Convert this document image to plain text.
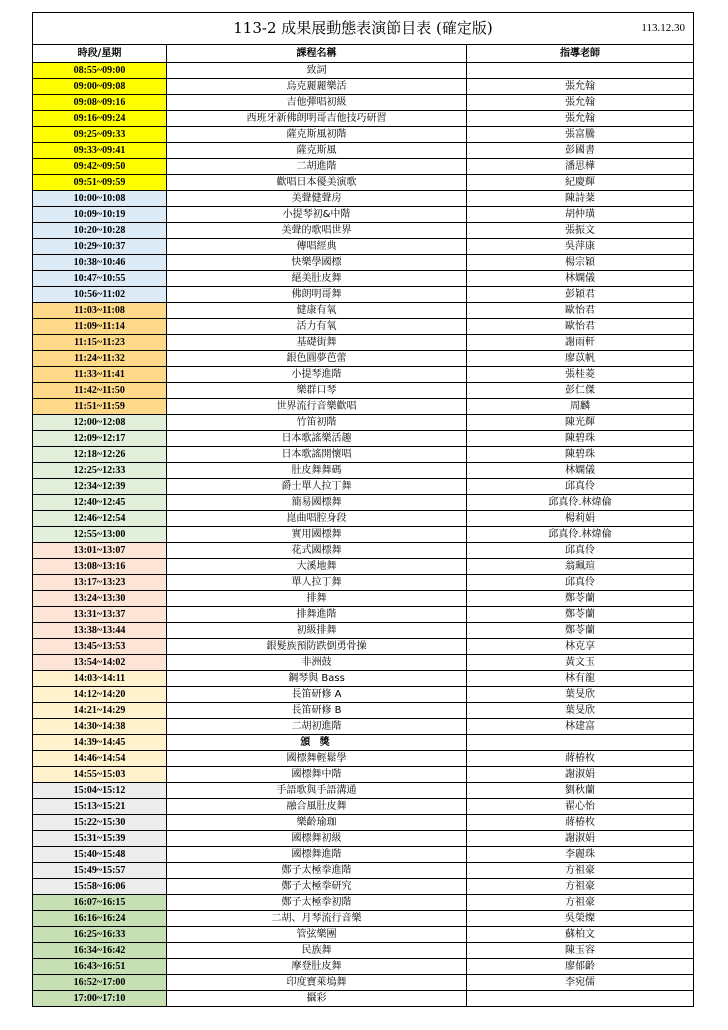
113-2 成果展動態表演節目表 (確定版) 113.12.30		

時段/星期	課程名稱	指導老師
08:55~09:00	致詞	
09:00~09:08	烏克麗麗樂活	張允翰
09:08~09:16	吉他彈唱初級	張允翰
09:16~09:24	西班牙新佛朗明哥吉他技巧研習	張允翰
09:25~09:33	薩克斯風初階	張富騰
09:33~09:41	薩克斯風	彭國書
09:42~09:50	二胡進階	潘思樺
09:51~09:59	歡唱日本優美演歌	紀慶輝
10:00~10:08	美聲健聲房	陳詩棻
10:09~10:19	小提琴初&中階	胡仲璜
10:20~10:28	美聲的歌唱世界	張振文
10:29~10:37	傳唱經典	吳萍康
10:38~10:46	快樂學國標	楊宗穎
10:47~10:55	絕美肚皮舞	林嫻儀
10:56~11:02	佛朗明哥舞	彭穎君
11:03~11:08	健康有氧	歐怡君
11:09~11:14	活力有氧	歐怡君
11:15~11:23	基礎街舞	謝雨軒
11:24~11:32	銀色圓夢芭蕾	廖苡帆
11:33~11:41	小提琴進階	張桂菱
11:42~11:50	樂群口琴	彭仁傑
11:51~11:59	世界流行音樂歡唱	周麟
12:00~12:08	竹笛初階	陳光輝
12:09~12:17	日本歌謠樂活趣	陳碧珠
12:18~12:26	日本歌謠開懷唱	陳碧珠
12:25~12:33	肚皮舞舞碼	林嫻儀
12:34~12:39	爵士單人拉丁舞	邱真伶
12:40~12:45	簡易國標舞	邱真伶.林煒倫
12:46~12:54	崑曲唱腔身段	楊莉娟
12:55~13:00	實用國標舞	邱真伶.林煒倫
13:01~13:07	花式國標舞	邱真伶
13:08~13:16	大溪地舞	翁珮瑄
13:17~13:23	單人拉丁舞	邱真伶
13:24~13:30	排舞	鄭苓蘭
13:31~13:37	排舞進階	鄭苓蘭
13:38~13:44	初級排舞	鄭苓蘭
13:45~13:53	銀髮族預防跌倒勇骨操	林克享
13:54~14:02	非洲鼓	黃文玉
14:03~14:11	鋼琴與 Bass	林有龍
14:12~14:20	長笛研修 A	葉旻欣
14:21~14:29	長笛研修 B	葉旻欣
14:30~14:38	二胡初進階	林建富
14:39~14:45	頒 獎	
14:46~14:54	國標舞輕鬆學	蔣椿枚
14:55~15:03	國標舞中階	謝淑娟
15:04~15:12	手語歌與手語溝通	劉秋蘭
15:13~15:21	融合風肚皮舞	翟心怡
15:22~15:30	樂齡瑜珈	蔣椿枚
15:31~15:39	國標舞初級	謝淑娟
15:40~15:48	國標舞進階	李麗珠
15:49~15:57	鄭子太極拳進階	方祖豪
15:58~16:06	鄭子太極拳研究	方祖豪
16:07~16:15	鄭子太極拳初階	方祖豪
16:16~16:24	二胡、月琴流行音樂	吳榮燦
16:25~16:33	管弦樂團	蘇柏文
16:34~16:42	民族舞	陳玉容
16:43~16:51	摩登肚皮舞	廖郁齡
16:52~17:00	印度寶萊塢舞	李宛儒
17:00~17:10	攝彩	
